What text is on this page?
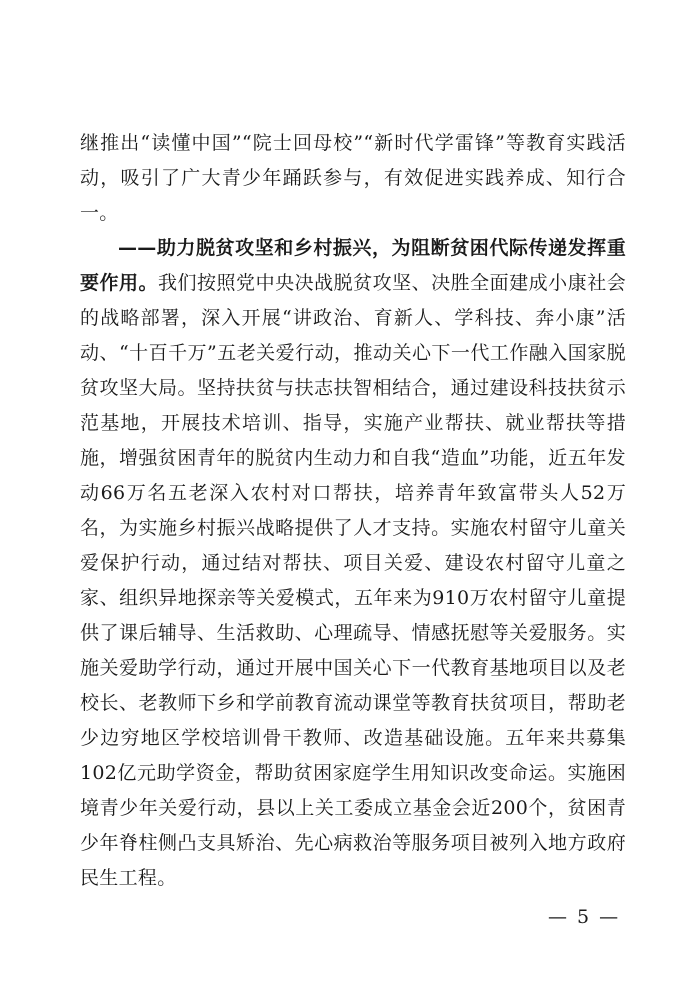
继推出“读懂中国”“院士回母校”“新时代学雷锋”等教育实践活动，吸引了广大青少年踊跃参与，有效促进实践养成、知行合一。

——助力脱贫攻坚和乡村振兴，为阻断贫困代际传递发挥重要作用。我们按照党中央决战脱贫攻坚、决胜全面建成小康社会的战略部署，深入开展“讲政治、育新人、学科技、奔小康”活动、“十百千万”五老关爱行动，推动关心下一代工作融入国家脱贫攻坚大局。坚持扶贫与扶志扶智相结合，通过建设科技扶贫示范基地，开展技术培训、指导，实施产业帮扶、就业帮扶等措施，增强贫困青年的脱贫内生动力和自我“造血”功能，近五年发动66万名五老深入农村对口帮扶，培养青年致富带头人52万名，为实施乡村振兴战略提供了人才支持。实施农村留守儿童关爱保护行动，通过结对帮扶、项目关爱、建设农村留守儿童之家、组织异地探亲等关爱模式，五年来为910万农村留守儿童提供了课后辅导、生活救助、心理疏导、情感抚慰等关爱服务。实施关爱助学行动，通过开展中国关心下一代教育基地项目以及老校长、老教师下乡和学前教育流动课堂等教育扶贫项目，帮助老少边穷地区学校培训骨干教师、改造基础设施。五年来共募集102亿元助学资金，帮助贫困家庭学生用知识改变命运。实施困境青少年关爱行动，县以上关工委成立基金会近200个，贫困青少年脊柱侧凸支具矫治、先心病救治等服务项目被列入地方政府民生工程。

— 5 —
